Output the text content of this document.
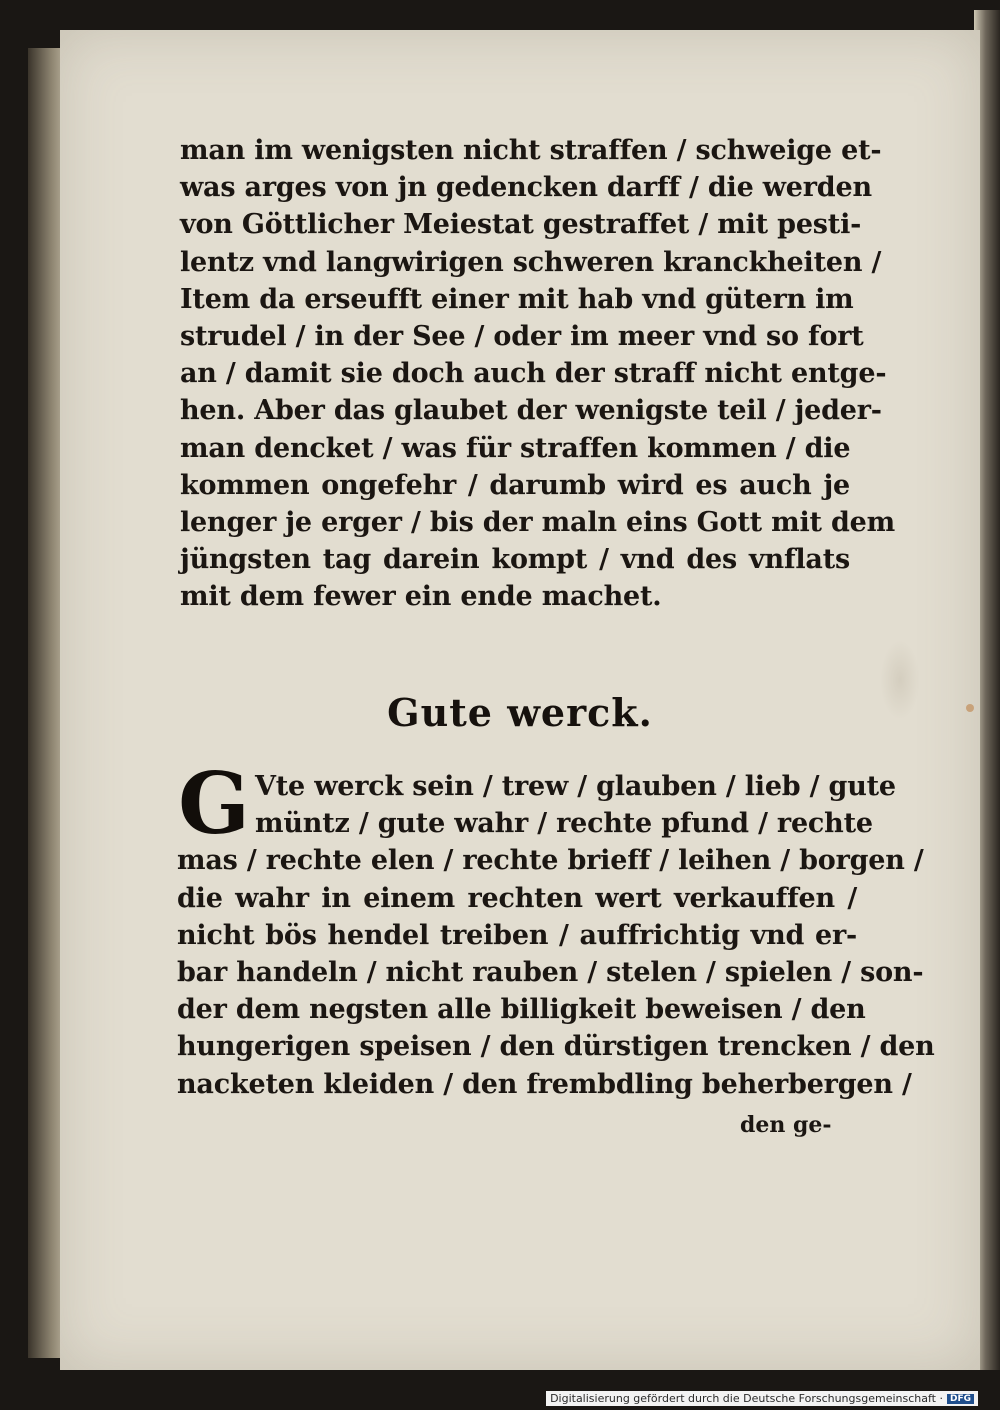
man im wenigsten nicht straffen / schweige et-
was arges von jn gedencken darff / die werden
von Göttlicher Meiestat gestraffet / mit pesti-
lentz vnd langwirigen schweren kranckheiten /
Item da erseufft einer mit hab vnd gütern im
strudel / in der See / oder im meer vnd so fort
an / damit sie doch auch der straff nicht entge-
hen. Aber das glaubet der wenigste teil / jeder-
man dencket / was für straffen kommen / die
kommen ongefehr / darumb wird es auch je
lenger je erger / bis der maln eins Gott mit dem
jüngsten tag darein kompt / vnd des vnflats
mit dem fewer ein ende machet.
Gute werck.
G Vte werck sein / trew / glauben / lieb / gute
müntz / gute wahr / rechte pfund / rechte
mas / rechte elen / rechte brieff / leihen / borgen /
die wahr in einem rechten wert verkauffen /
nicht bös hendel treiben / auffrichtig vnd er-
bar handeln / nicht rauben / stelen / spielen / son-
der dem negsten alle billigkeit beweisen / den
hungerigen speisen / den dürstigen trencken / den
nacketen kleiden / den frembdling beherbergen /
den ge-
Digitalisierung gefördert durch die Deutsche Forschungsgemeinschaft · DFG
